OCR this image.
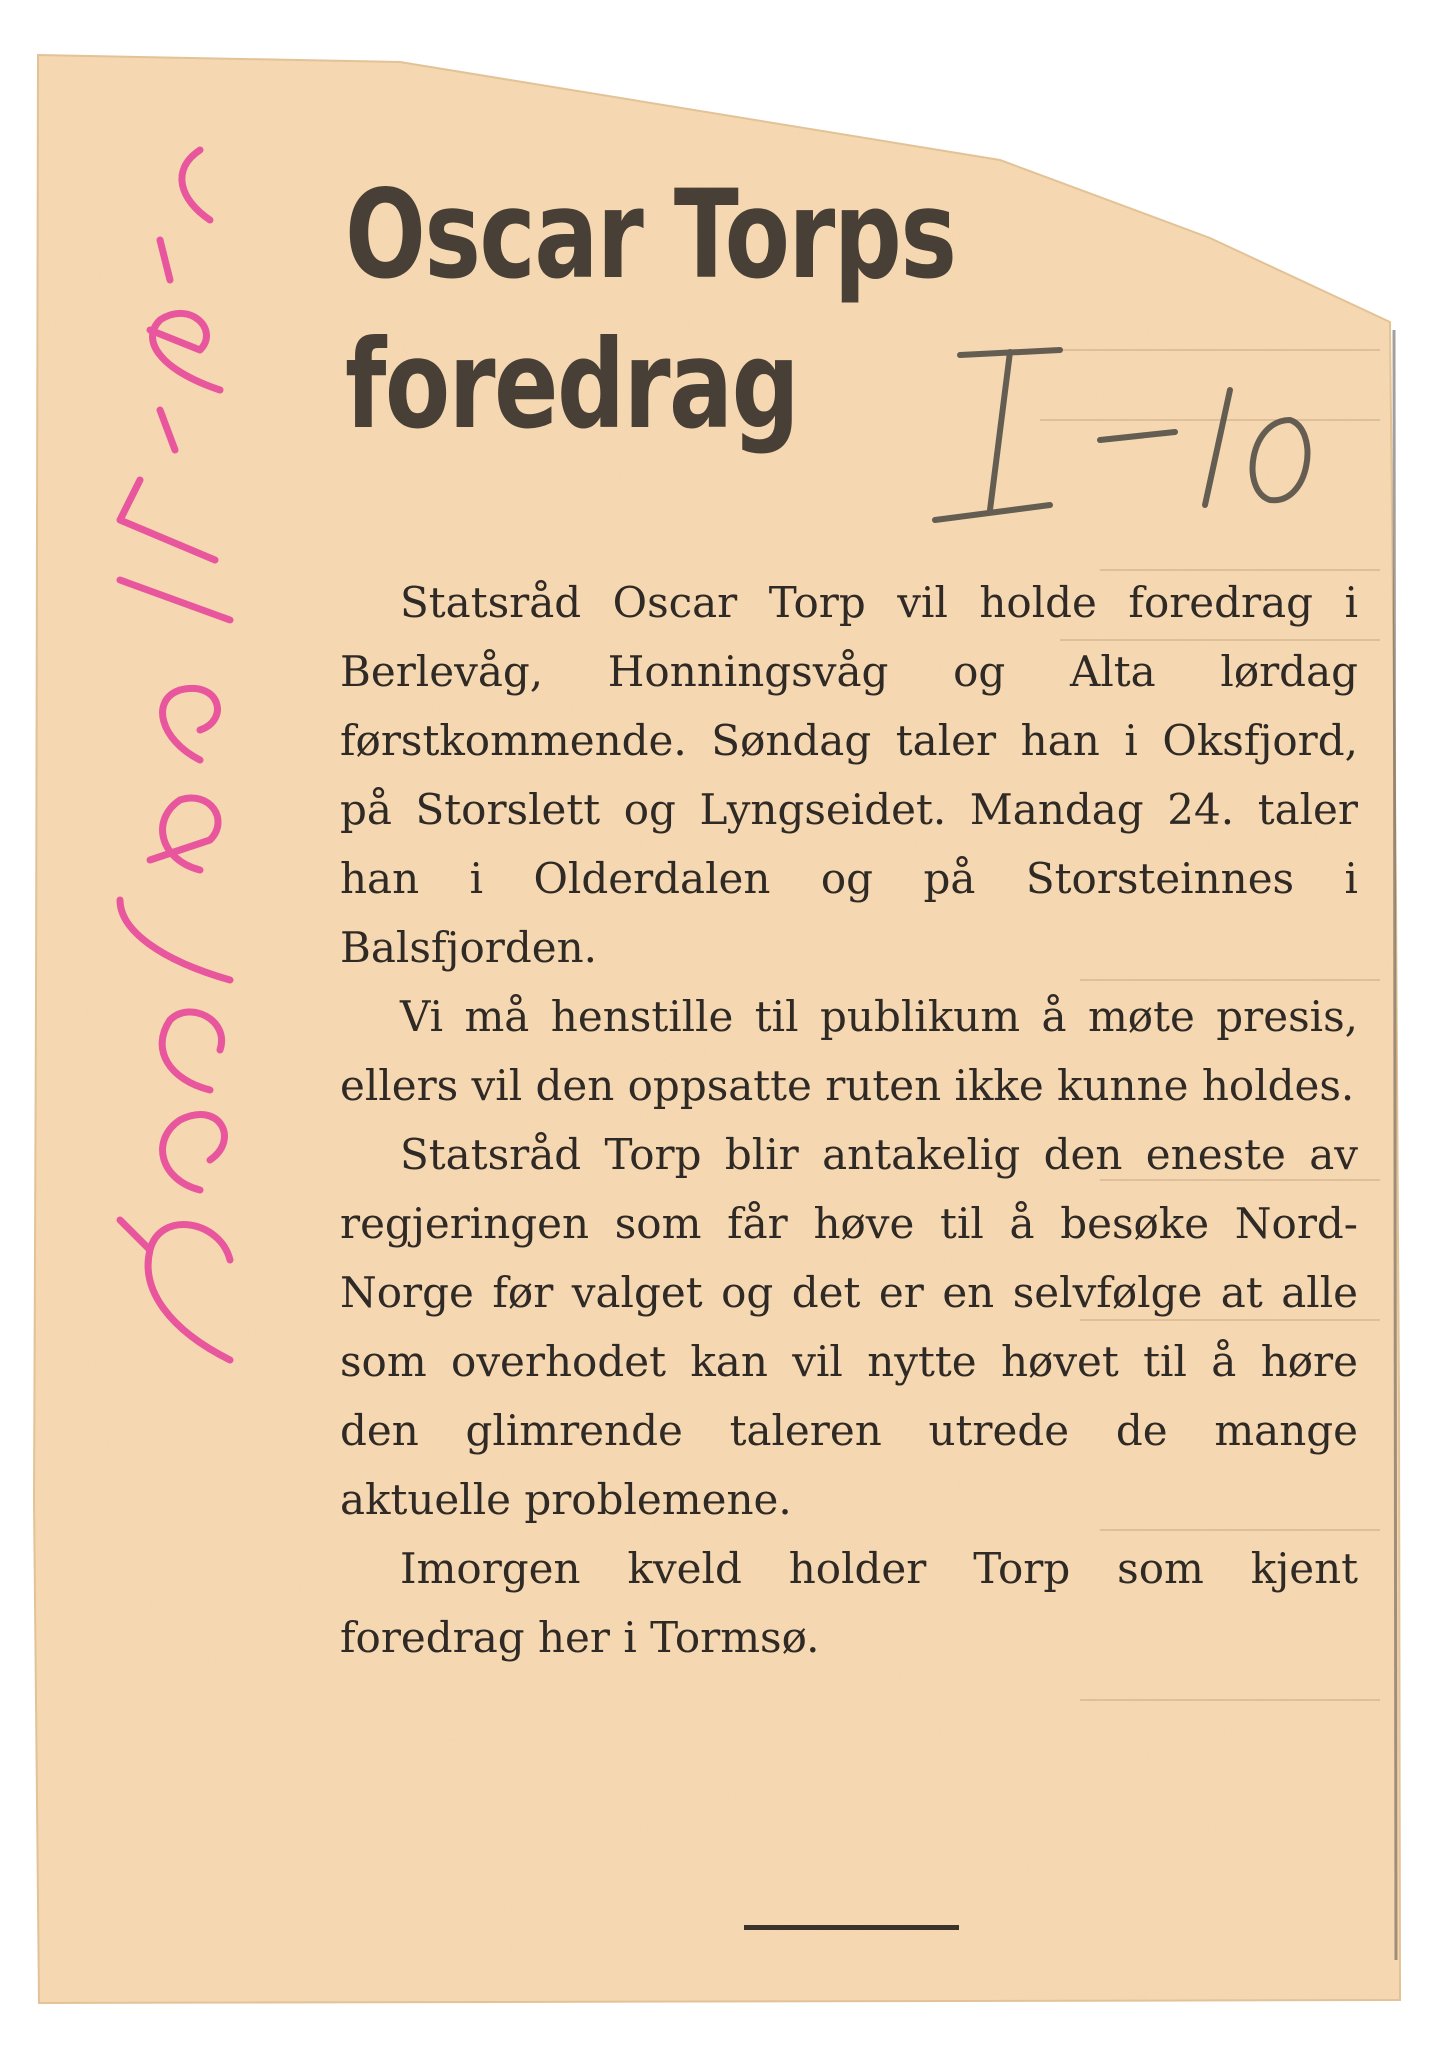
Oscar Torps
foredrag

Statsråd Oscar Torp vil holde foredrag i Berlevåg, Honningsvåg og Alta lørdag førstkommende. Søndag taler han i Oksfjord, på Storslett og Lyngseidet. Mandag 24. taler han i Olderdalen og på Storsteinnes i Balsfjorden.

Vi må henstille til publikum å møte presis, ellers vil den oppsatte ruten ikke kunne holdes.

Statsråd Torp blir antakelig den eneste av regjeringen som får høve til å besøke Nord-Norge før valget og det er en selvfølge at alle som overhodet kan vil nytte høvet til å høre den glimrende taleren utrede de mange aktuelle problemene.

Imorgen kveld holder Torp som kjent foredrag her i Tormsø.
